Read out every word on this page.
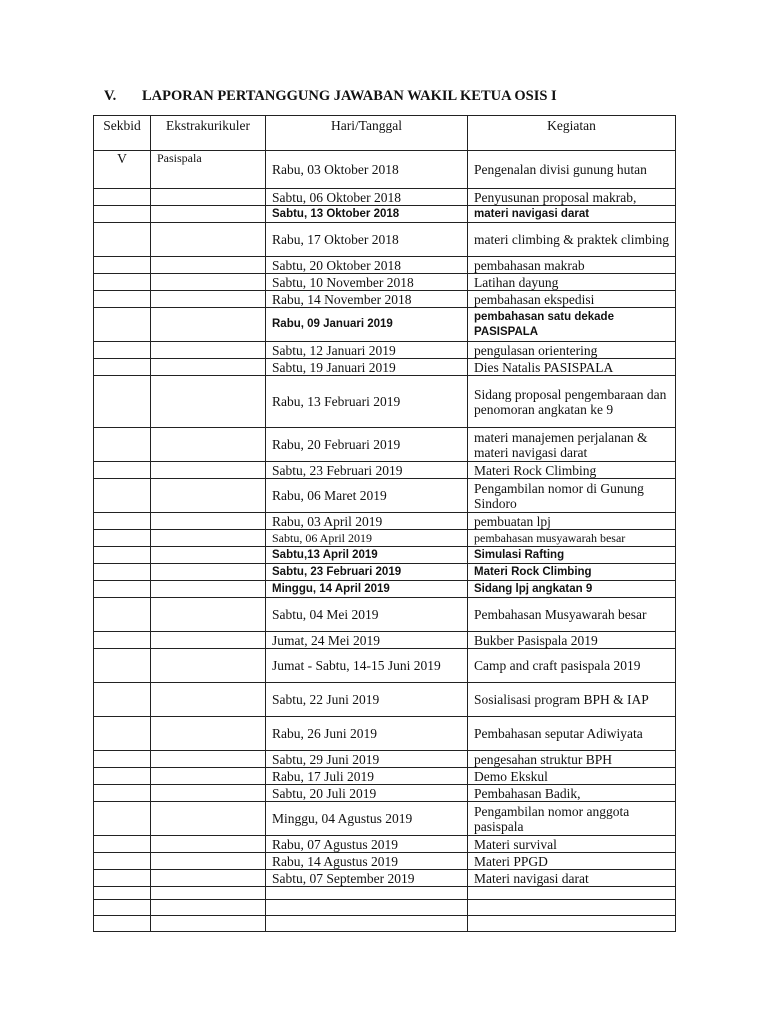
V. LAPORAN PERTANGGUNG JAWABAN WAKIL KETUA OSIS I
Sekbid	Ekstrakurikuler	Hari/Tanggal	Kegiatan
V	Pasispala	Rabu, 03 Oktober 2018	Pengenalan divisi gunung hutan
		Sabtu, 06 Oktober 2018	Penyusunan proposal makrab,
		Sabtu, 13 Oktober 2018	materi navigasi darat
		Rabu, 17 Oktober 2018	materi climbing & praktek climbing
		Sabtu, 20 Oktober 2018	pembahasan makrab
		Sabtu, 10 November 2018	Latihan dayung
		Rabu, 14 November 2018	pembahasan ekspedisi
		Rabu, 09 Januari 2019	pembahasan satu dekade PASISPALA
		Sabtu, 12 Januari 2019	pengulasan orientering
		Sabtu, 19 Januari 2019	Dies Natalis PASISPALA
		Rabu, 13 Februari 2019	Sidang proposal pengembaraan dan penomoran angkatan ke 9
		Rabu, 20 Februari 2019	materi manajemen perjalanan & materi navigasi darat
		Sabtu, 23 Februari 2019	Materi Rock Climbing
		Rabu, 06 Maret 2019	Pengambilan nomor di Gunung Sindoro
		Rabu, 03 April 2019	pembuatan lpj
		Sabtu, 06 April 2019	pembahasan musyawarah besar
		Sabtu,13 April 2019	Simulasi Rafting
		Sabtu, 23 Februari 2019	Materi Rock Climbing
		Minggu, 14 April 2019	Sidang lpj angkatan 9
		Sabtu, 04 Mei 2019	Pembahasan Musyawarah besar
		Jumat, 24 Mei 2019	Bukber Pasispala 2019
		Jumat - Sabtu, 14-15 Juni 2019	Camp and craft pasispala 2019
		Sabtu, 22 Juni 2019	Sosialisasi program BPH & IAP
		Rabu, 26 Juni 2019	Pembahasan seputar Adiwiyata
		Sabtu, 29 Juni 2019	pengesahan struktur BPH
		Rabu, 17 Juli 2019	Demo Ekskul
		Sabtu, 20 Juli 2019	Pembahasan Badik,
		Minggu, 04 Agustus 2019	Pengambilan nomor anggota pasispala
		Rabu, 07 Agustus 2019	Materi survival
		Rabu, 14 Agustus 2019	Materi PPGD
		Sabtu, 07 September 2019	Materi navigasi darat
